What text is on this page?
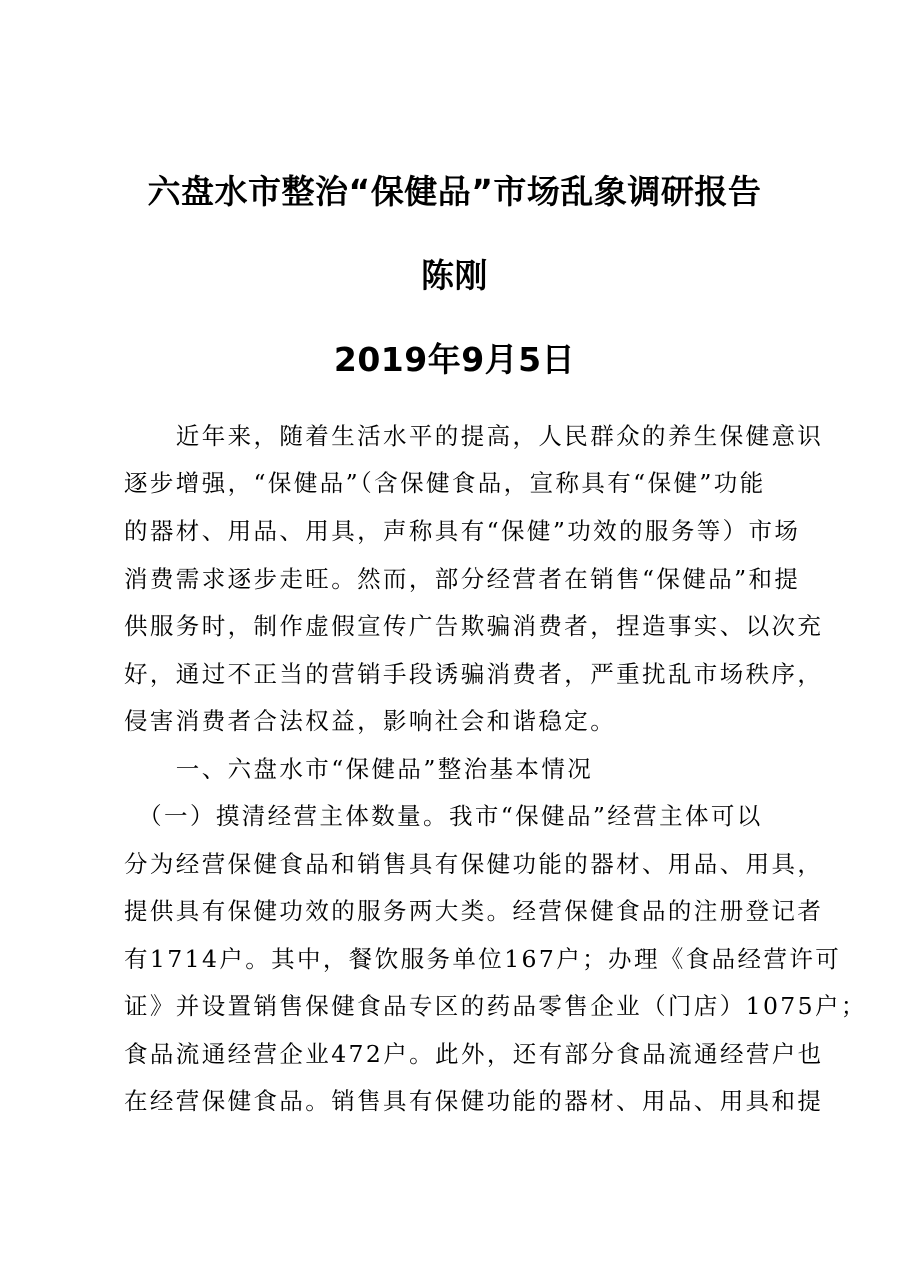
六盘水市整治“保健品”市场乱象调研报告
陈刚
2019年9月5日
　　近年来，随着生活水平的提高，人民群众的养生保健意识
逐步增强，“保健品”（含保健食品，宣称具有“保健”功能
的器材、用品、用具，声称具有“保健”功效的服务等）市场
消费需求逐步走旺。然而，部分经营者在销售“保健品”和提
供服务时，制作虚假宣传广告欺骗消费者，捏造事实、以次充
好，通过不正当的营销手段诱骗消费者，严重扰乱市场秩序，
侵害消费者合法权益，影响社会和谐稳定。
　　一、六盘水市“保健品”整治基本情况
　（一）摸清经营主体数量。我市“保健品”经营主体可以
分为经营保健食品和销售具有保健功能的器材、用品、用具，
提供具有保健功效的服务两大类。经营保健食品的注册登记者
有1714户。其中，餐饮服务单位167户；办理《食品经营许可
证》并设置销售保健食品专区的药品零售企业（门店）1075户；
食品流通经营企业472户。此外，还有部分食品流通经营户也
在经营保健食品。销售具有保健功能的器材、用品、用具和提
